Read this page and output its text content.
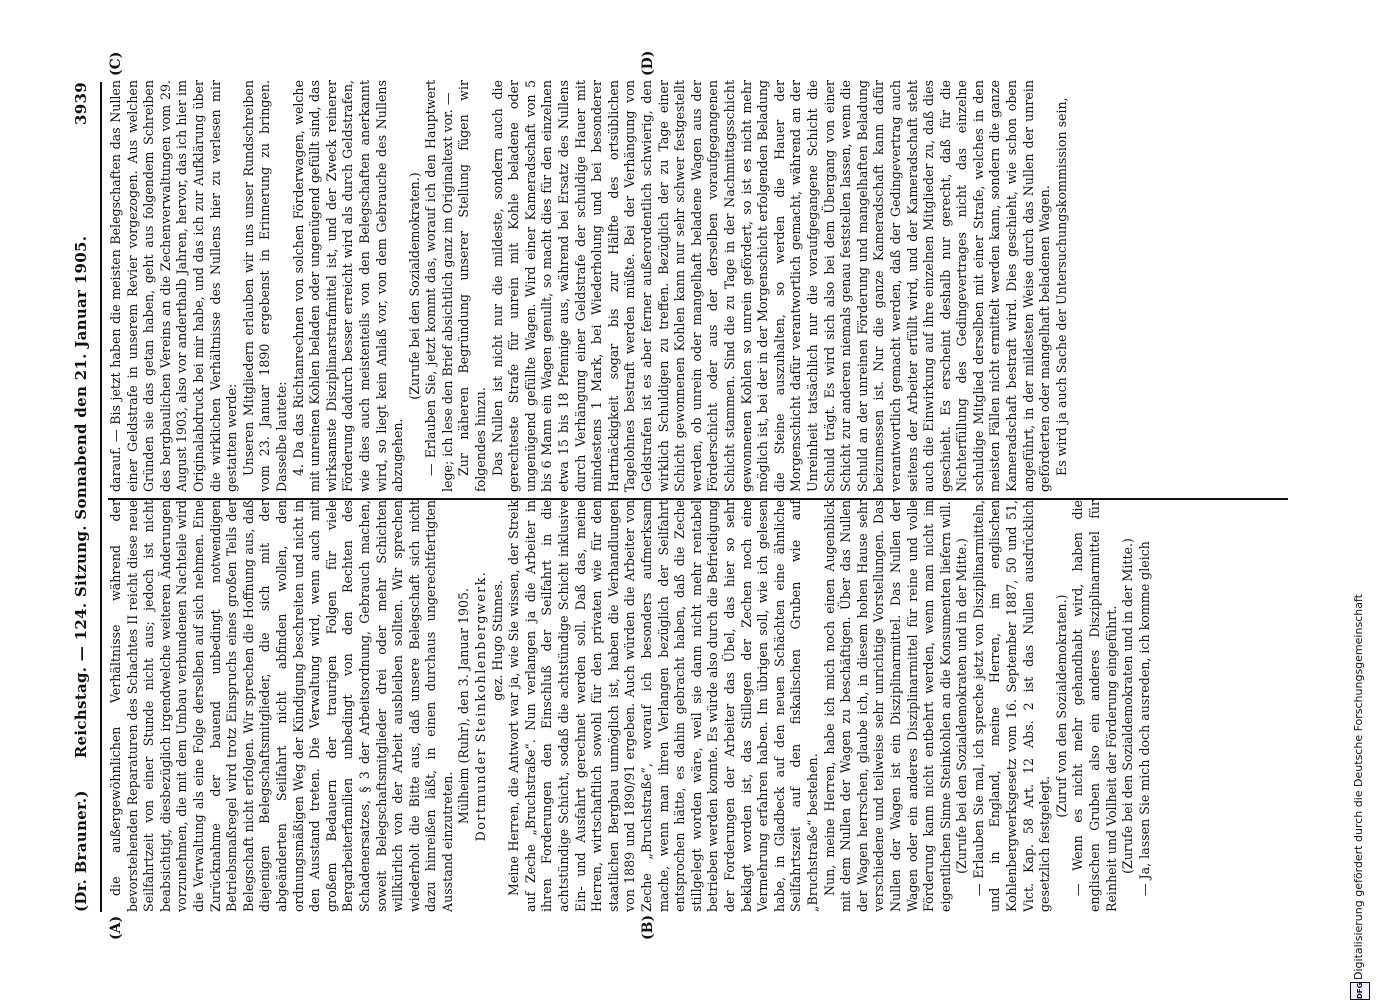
(Dr. Brauner.)
Reichstag. — 124. Sitzung. Sonnabend den 21. Januar 1905.
3939
(A)	(B)
(C)	(D)

die außergewöhnlichen Verhältnisse während der bevorstehenden Reparaturen des Schachtes II reicht diese neue Seilfahrtzeit von einer Stunde nicht aus; jedoch ist nicht beabsichtigt, diesbezüglich irgendwelche weiteren Änderungen vorzunehmen, die mit dem Umbau verbundenen Nachteile wird die Verwaltung als eine Folge derselben auf sich nehmen. Eine Zurücknahme der bauend unbedingt notwendigen Betriebsmaßregel wird trotz Einspruchs eines großen Teils der Belegschaft nicht erfolgen. Wir sprechen die Hoffnung aus, daß diejenigen Belegschaftsmitglieder, die sich mit der abgeänderten Seilfahrt nicht abfinden wollen, den ordnungsmäßigen Weg der Kündigung beschreiten und nicht in den Ausstand treten. Die Verwaltung wird, wenn auch mit großem Bedauern der traurigen Folgen für viele Bergarbeiterfamilien unbedingt von den Rechten des Schadenersatzes, § 3 der Arbeitsordnung, Gebrauch machen, soweit Belegschaftsmitglieder drei oder mehr Schichten willkürlich von der Arbeit ausbleiben sollten. Wir sprechen wiederholt die Bitte aus, daß unsere Belegschaft sich nicht dazu hinreißen läßt, in einen durchaus ungerechtfertigten Ausstand einzutreten.

Mülheim (Ruhr), den 3. Januar 1905. Dortmunder Steinkohlenbergwerk. gez. Hugo Stinnes. Meine Herren, die Antwort war ja, wie Sie wissen, der Streik auf Zeche „Bruchstraße“. Nun verlangen ja die Arbeiter in ihren Forderungen den Einschluß der Seilfahrt in die achtstündige Schicht, sodaß die achtstündige Schicht inklusive Ein- und Ausfahrt gerechnet werden soll. Daß das, meine Herren, wirtschaftlich sowohl für den privaten wie für den staatlichen Bergbau unmöglich ist, haben die Verhandlungen von 1889 und 1890/91 ergeben. Auch würden die Arbeiter von Zeche „Bruchstraße“, worauf ich besonders aufmerksam mache, wenn man ihren Verlangen bezüglich der Seilfahrt entsprochen hätte, es dahin gebracht haben, daß die Zeche stillgelegt worden wäre, weil sie dann nicht mehr rentabel betrieben werden konnte. Es würde also durch die Befriedigung der Forderungen der Arbeiter das Übel, das hier so sehr beklagt worden ist, das Stillegen der Zechen noch eine Vermehrung erfahren haben. Im übrigen soll, wie ich gelesen habe, in Gladbeck auf den neuen Schächten eine ähnliche Seilfahrtszeit auf den fiskalischen Gruben wie auf „Bruchstraße“ bestehen. Nun, meine Herren, habe ich mich noch einen Augenblick mit dem Nullen der Wagen zu beschäftigen. Über das Nullen der Wagen herrschen, glaube ich, in diesem hohen Hause sehr verschiedene und teilweise sehr unrichtige Vorstellungen. Das Nullen der Wagen ist ein Disziplinarmittel. Das Nullen der Wagen oder ein anderes Disziplinarmittel für reine und volle Förderung kann nicht entbehrt werden, wenn man nicht im eigentlichen Sinne Steinkohlen an die Konsumenten liefern will. (Zurufe bei den Sozialdemokraten und in der Mitte.) — Erlauben Sie mal, ich spreche jetzt von Disziplinarmitteln, und in England, meine Herren, im englischen Kohlenbergwerksgesetz vom 16. September 1887, 50 und 51, Vict. Kap. 58 Art. 12 Abs. 2 ist das Nullen ausdrücklich gesetzlich festgelegt.

(Zuruf von den Sozialdemokraten.) — Wenn es nicht mehr gehandhabt wird, haben die englischen Gruben also ein anderes Disziplinarmittel für Reinheit und Vollheit der Förderung eingeführt. (Zurufe bei den Sozialdemokraten und in der Mitte.) — Ja, lassen Sie mich doch ausreden, ich komme gleich

darauf. — Bis jetzt haben die meisten Belegschaften das Nullen einer Geldstrafe in unserem Revier vorgezogen. Aus welchen Gründen sie das getan haben, geht aus folgendem Schreiben des bergbaulichen Vereins an die Zechenverwaltungen vom 29. August 1903, also vor anderthalb Jahren, hervor, das ich hier im Originalabdruck bei mir habe, und das ich zur Aufklärung über die wirklichen Verhältnisse des Nullens hier zu verlesen mir gestatten werde: Unseren Mitgliedern erlauben wir uns unser Rundschreiben vom 23. Januar 1890 ergebenst in Erinnerung zu bringen. Dasselbe lautete: 4. Da das Richtanrechnen von solchen Förderwagen, welche mit unreinen Kohlen beladen oder ungenügend gefüllt sind, das wirksamste Disziplinarstrafmittel ist, und der Zweck reinerer Förderung dadurch besser erreicht wird als durch Geldstrafen, wie dies auch meistenteils von den Belegschaften anerkannt wird, so liegt kein Anlaß vor, von dem Gebrauche des Nullens abzugehen.

(Zurufe bei den Sozialdemokraten.) — Erlauben Sie, jetzt kommt das, worauf ich den Hauptwert lege; ich lese den Brief absichtlich ganz im Originaltext vor. — Zur näheren Begründung unserer Stellung fügen wir folgendes hinzu. Das Nullen ist nicht nur die mildeste, sondern auch die gerechteste Strafe für unrein mit Kohle beladene oder ungenügend gefüllte Wagen. Wird einer Kameradschaft von 5 bis 6 Mann ein Wagen genullt, so macht dies für den einzelnen etwa 15 bis 18 Pfennige aus, während bei Ersatz des Nullens durch Verhängung einer Geldstrafe der schuldige Hauer mit mindestens 1 Mark, bei Wiederholung und bei besonderer Hartnäckigkeit sogar bis zur Hälfte des ortsüblichen Tagelohnes bestraft werden müßte. Bei der Verhängung von Geldstrafen ist es aber ferner außerordentlich schwierig, den wirklich Schuldigen zu treffen. Bezüglich der zu Tage einer Schicht gewonnenen Kohlen kann nur sehr schwer festgestellt werden, ob unrein oder mangelhaft beladene Wagen aus der Förderschicht oder aus der derselben voraufgegangenen Schicht stammen. Sind die zu Tage in der Nachmittagsschicht gewonnenen Kohlen so unrein gefördert, so ist es nicht mehr möglich ist, bei der in der Morgenschicht erfolgenden Beladung die Steine auszuhalten, so werden die Hauer der Morgenschicht dafür verantwortlich gemacht, während an der Unreinheit tatsächlich nur die voraufgegangene Schicht die Schuld trägt. Es wird sich also bei dem Übergang von einer Schicht zur anderen niemals genau feststellen lassen, wenn die Schuld an der unreinen Förderung und mangelhaften Beladung beizumessen ist. Nur die ganze Kameradschaft kann dafür verantwortlich gemacht werden, daß der Gedingevertrag auch seitens der Arbeiter erfüllt wird, und der Kameradschaft steht auch die Einwirkung auf ihre einzelnen Mitglieder zu, daß dies geschieht. Es erscheint deshalb nur gerecht, daß für die Nichterfüllung des Gedingevertrages nicht das einzelne schuldige Mitglied derselben mit einer Strafe, welches in den meisten Fällen nicht ermittelt werden kann, sondern die ganze Kameradschaft bestraft wird. Dies geschieht, wie schon oben angeführt, in der mildesten Weise durch das Nullen der unrein geförderten oder mangelhaft beladenen Wagen. Es wird ja auch Sache der Untersuchungskommission sein,

DFG
Digitalisierung gefördert durch die Deutsche Forschungsgemeinschaft
